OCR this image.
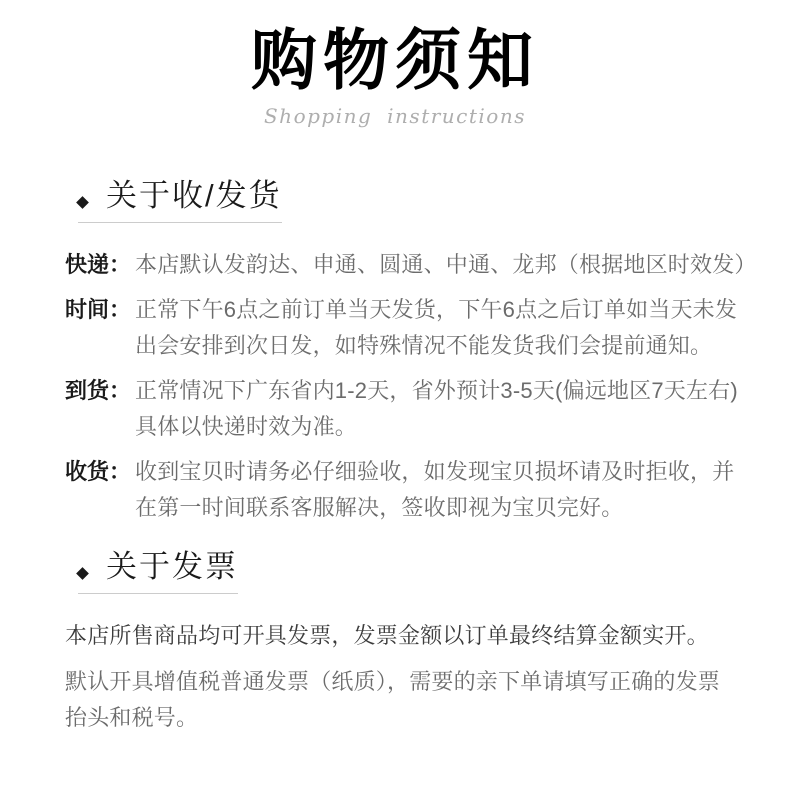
购物须知
Shopping instructions
关于收/发货
快递： 本店默认发韵达、申通、圆通、中通、龙邦（根据地区时效发）
时间： 正常下午6点之前订单当天发货，下午6点之后订单如当天未发
出会安排到次日发，如特殊情况不能发货我们会提前通知。
到货： 正常情况下广东省内1-2天，省外预计3-5天(偏远地区7天左右)
具体以快递时效为准。
收货： 收到宝贝时请务必仔细验收，如发现宝贝损坏请及时拒收，并
在第一时间联系客服解决，签收即视为宝贝完好。
关于发票
本店所售商品均可开具发票，发票金额以订单最终结算金额实开。
默认开具增值税普通发票（纸质），需要的亲下单请填写正确的发票
抬头和税号。
